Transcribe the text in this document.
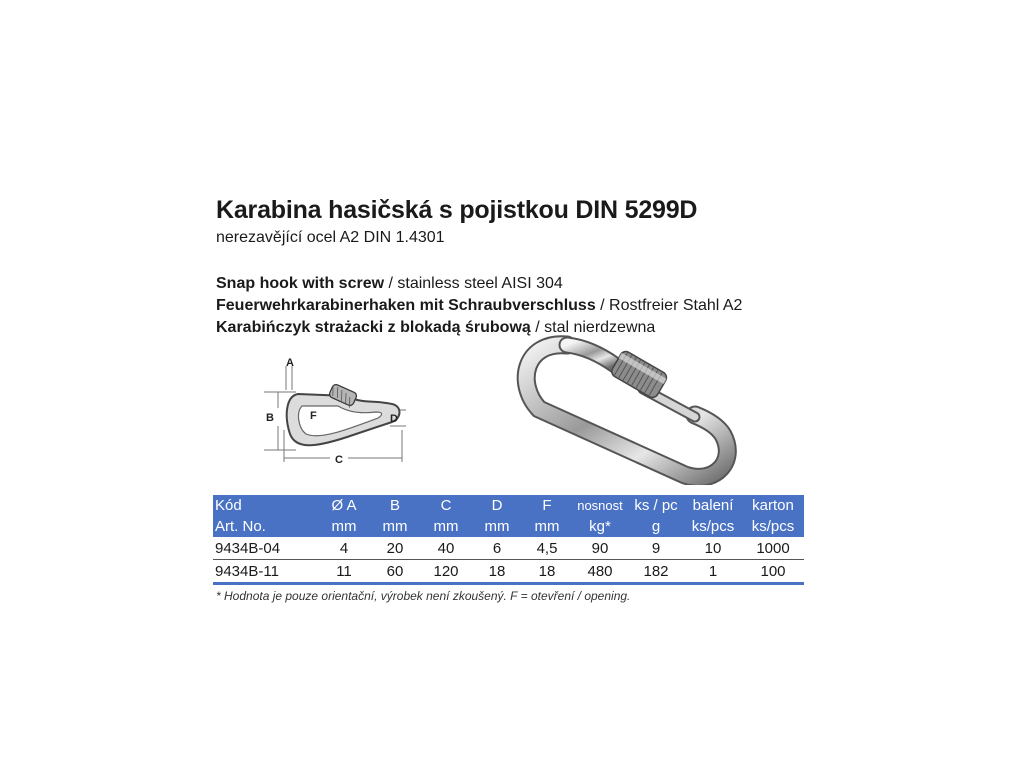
Karabina hasičská s pojistkou DIN 5299D
nerezavějící ocel A2 DIN 1.4301
Snap hook with screw / stainless steel AISI 304
Feuerwehrkarabinerhaken mit Schraubverschluss / Rostfreier Stahl A2
Karabińczyk strażacki z blokadą śrubową / stal nierdzewna
A
B
C
D
F
Kód	Ø A	B	C	D	F	nosnost	ks / pc	balení	karton
Art. No.	mm	mm	mm	mm	mm	kg*	g	ks/pcs	ks/pcs
9434B-04	4	20	40	6	4,5	90	9	10	1000
9434B-11	11	60	120	18	18	480	182	1	100
* Hodnota je pouze orientační, výrobek není zkoušený. F = otevření / opening.
